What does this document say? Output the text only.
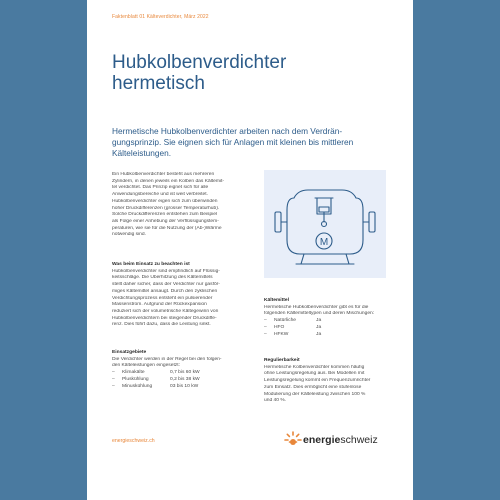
Faktenblatt 01 Kälteverdichter, März 2022
Hubkolbenverdichter
hermetisch
Hermetische Hubkolbenverdichter arbeiten nach dem Verdrän-
gungsprinzip. Sie eignen sich für Anlagen mit kleinen bis mittleren
Kälteleistungen.
Ein Hubkolbenverdichter besteht aus mehreren
Zylindern, in denen jeweils ein Kolben das Kältemit-
tel verdichtet. Das Prinzip eignet sich für alle
Anwendungsbereiche und ist weit verbreitet.
Hubkolbenverdichter eigen sich zum überwinden
hoher Druckdifferenzen (grosser Temperaturhub).
Solche Druckdifferenzen entstehen zum Beispiel
als Folge einer Anhebung der Verflüssigungstem-
peraturen, wie sie für die Nutzung der (Ab-)Wärme
notwendig sind.
Was beim Einsatz zu beachten ist
Hubkolbenverdichter sind empfindlich auf Flüssig-
keitsschläge. Die Überhitzung des Kältemittels
stellt daher sicher, dass der Verdichter nur gasför-
miges Kältemittel ansaugt. Durch den zyklischen
Verdichtungsprozess entsteht ein pulsierender
Massenstrom. Aufgrund der Rückexpansion
reduziert sich der volumetrische Kältegewinn von
Hubkolbenverdichtern bei steigender Druckdiffe-
renz. Dies führt dazu, dass die Leistung sinkt.
Einsatzgebiete
Die Verdichter werden in der Regel bei den folgen-
den Kälteleistungen eingesetzt:
–	Klimakälte	0,7 bis 60 kW
–	Pluskühlung	0,2 bis 38 kW
–	Minuskühlung	03 bis 10 kW
M
Kältemittel
Hermetische Hubkolbenverdichter gibt es für die
folgenden Kältemitteltypen und deren Mischungen:
–	Natürliche	Ja
–	HFO	Ja
–	HFKW	Ja
Regulierbarkeit
Hermetische Kolbenverdichter kommen häufig
ohne Leistungsregelung aus. Bei Modellen mit
Leistungsregelung kommt ein Frequenzumrichter
zum Einsatz. Dies ermöglicht eine stufenlose
Modulierung der Kälteleistung zwischen 100 %
und 40 %.
energieschweiz.ch	energieschweiz
